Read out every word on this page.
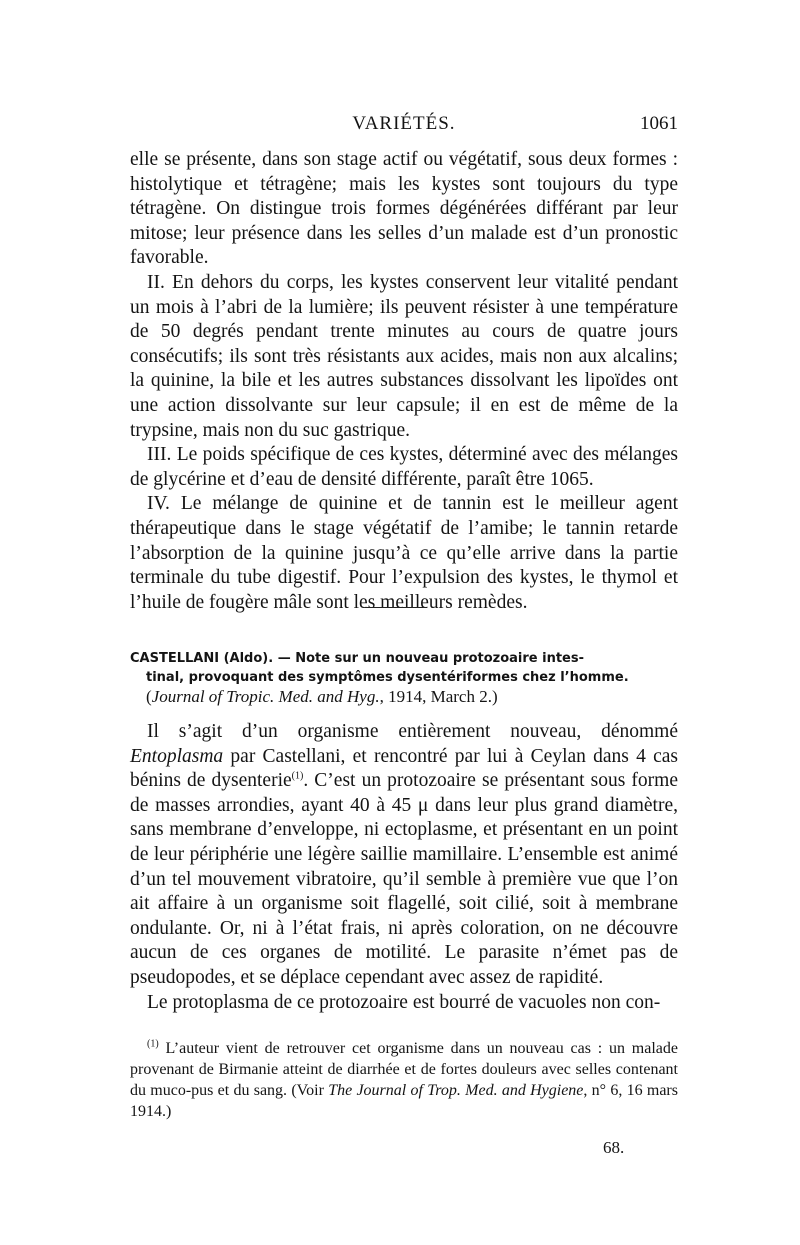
VARIÉTÉS.	1061

elle se présente, dans son stage actif ou végétatif, sous deux formes : histolytique et tétragène; mais les kystes sont toujours du type tétragène. On distingue trois formes dégénérées différant par leur mitose; leur présence dans les selles d’un malade est d’un pronostic favorable.

II. En dehors du corps, les kystes conservent leur vitalité pendant un mois à l’abri de la lumière; ils peuvent résister à une température de 50 degrés pendant trente minutes au cours de quatre jours consécutifs; ils sont très résistants aux acides, mais non aux alcalins; la quinine, la bile et les autres substances dissolvant les lipoïdes ont une action dissolvante sur leur capsule; il en est de même de la trypsine, mais non du suc gastrique.

III. Le poids spécifique de ces kystes, déterminé avec des mélanges de glycérine et d’eau de densité différente, paraît être 1065.

IV. Le mélange de quinine et de tannin est le meilleur agent thérapeutique dans le stage végétatif de l’amibe; le tannin retarde l’absorption de la quinine jusqu’à ce qu’elle arrive dans la partie terminale du tube digestif. Pour l’expulsion des kystes, le thymol et l’huile de fougère mâle sont les meilleurs remèdes.

CASTELLANI (Aldo). — Note sur un nouveau protozoaire intes-
tinal, provoquant des symptômes dysentériformes chez l’homme.
(Journal of Tropic. Med. and Hyg., 1914, March 2.)

Il s’agit d’un organisme entièrement nouveau, dénommé Entoplasma par Castellani, et rencontré par lui à Ceylan dans 4 cas bénins de dysenterie$^{(1)}$. C’est un protozoaire se présentant sous forme de masses arrondies, ayant 40 à 45 μ dans leur plus grand diamètre, sans membrane d’enveloppe, ni ectoplasme, et présentant en un point de leur périphérie une légère saillie mamillaire. L’ensemble est animé d’un tel mouvement vibratoire, qu’il semble à première vue que l’on ait affaire à un organisme soit flagellé, soit cilié, soit à membrane ondulante. Or, ni à l’état frais, ni après coloration, on ne découvre aucun de ces organes de motilité. Le parasite n’émet pas de pseudopodes, et se déplace cependant avec assez de rapidité.

Le protoplasma de ce protozoaire est bourré de vacuoles non con-

$^{(1)}$ L’auteur vient de retrouver cet organisme dans un nouveau cas : un malade provenant de Birmanie atteint de diarrhée et de fortes douleurs avec selles contenant du muco-pus et du sang. (Voir The Journal of Trop. Med. and Hygiene, n° 6, 16 mars 1914.)
68.
